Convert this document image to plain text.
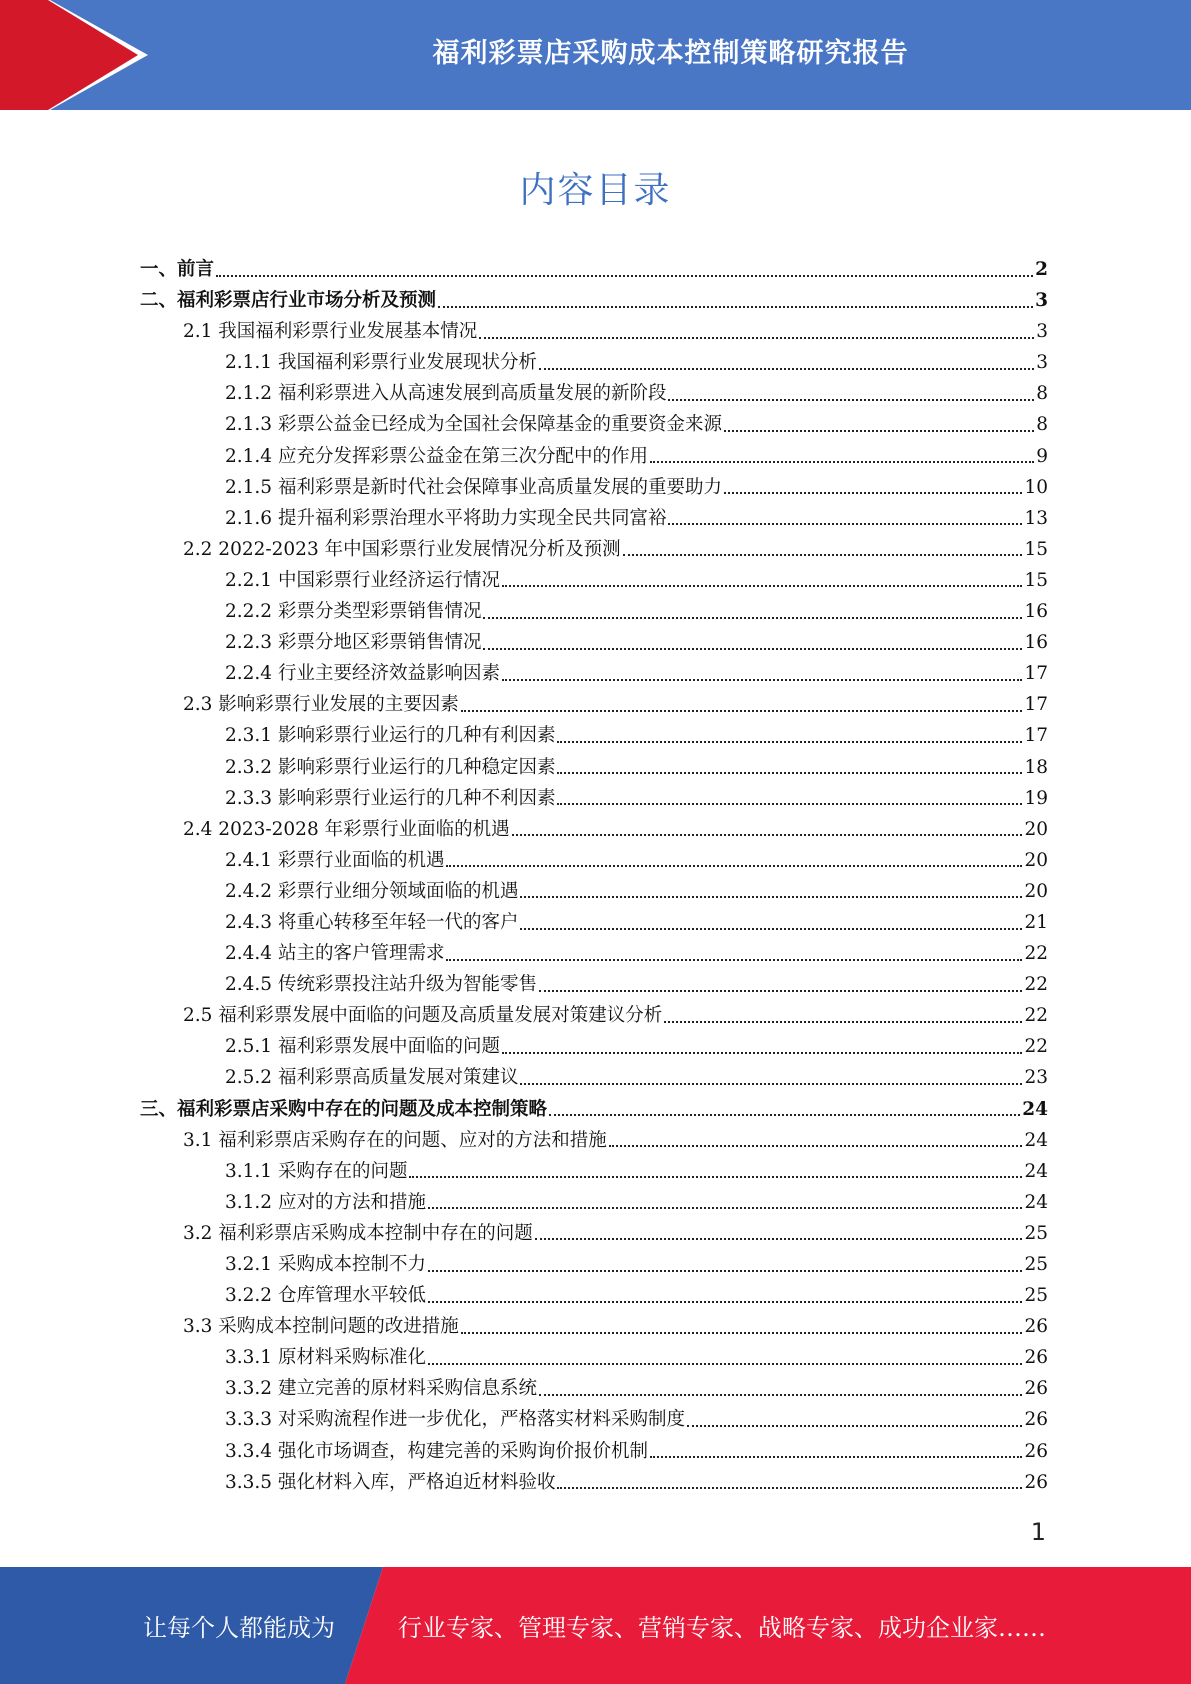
福利彩票店采购成本控制策略研究报告
内容目录
一、前言	2
二、福利彩票店行业市场分析及预测	3
2.1 我国福利彩票行业发展基本情况	3
2.1.1 我国福利彩票行业发展现状分析	3
2.1.2 福利彩票进入从高速发展到高质量发展的新阶段	8
2.1.3 彩票公益金已经成为全国社会保障基金的重要资金来源	8
2.1.4 应充分发挥彩票公益金在第三次分配中的作用	9
2.1.5 福利彩票是新时代社会保障事业高质量发展的重要助力	10
2.1.6 提升福利彩票治理水平将助力实现全民共同富裕	13
2.2 2022-2023 年中国彩票行业发展情况分析及预测	15
2.2.1 中国彩票行业经济运行情况	15
2.2.2 彩票分类型彩票销售情况	16
2.2.3 彩票分地区彩票销售情况	16
2.2.4 行业主要经济效益影响因素	17
2.3 影响彩票行业发展的主要因素	17
2.3.1 影响彩票行业运行的几种有利因素	17
2.3.2 影响彩票行业运行的几种稳定因素	18
2.3.3 影响彩票行业运行的几种不利因素	19
2.4 2023-2028 年彩票行业面临的机遇	20
2.4.1 彩票行业面临的机遇	20
2.4.2 彩票行业细分领域面临的机遇	20
2.4.3 将重心转移至年轻一代的客户	21
2.4.4 站主的客户管理需求	22
2.4.5 传统彩票投注站升级为智能零售	22
2.5 福利彩票发展中面临的问题及高质量发展对策建议分析	22
2.5.1 福利彩票发展中面临的问题	22
2.5.2 福利彩票高质量发展对策建议	23
三、福利彩票店采购中存在的问题及成本控制策略	24
3.1 福利彩票店采购存在的问题、应对的方法和措施	24
3.1.1 采购存在的问题	24
3.1.2 应对的方法和措施	24
3.2 福利彩票店采购成本控制中存在的问题	25
3.2.1 采购成本控制不力	25
3.2.2 仓库管理水平较低	25
3.3 采购成本控制问题的改进措施	26
3.3.1 原材料采购标准化	26
3.3.2 建立完善的原材料采购信息系统	26
3.3.3 对采购流程作进一步优化，严格落实材料采购制度	26
3.3.4 强化市场调查，构建完善的采购询价报价机制	26
3.3.5 强化材料入库，严格迫近材料验收	26
1
让每个人都能成为	行业专家、管理专家、营销专家、战略专家、成功企业家……
